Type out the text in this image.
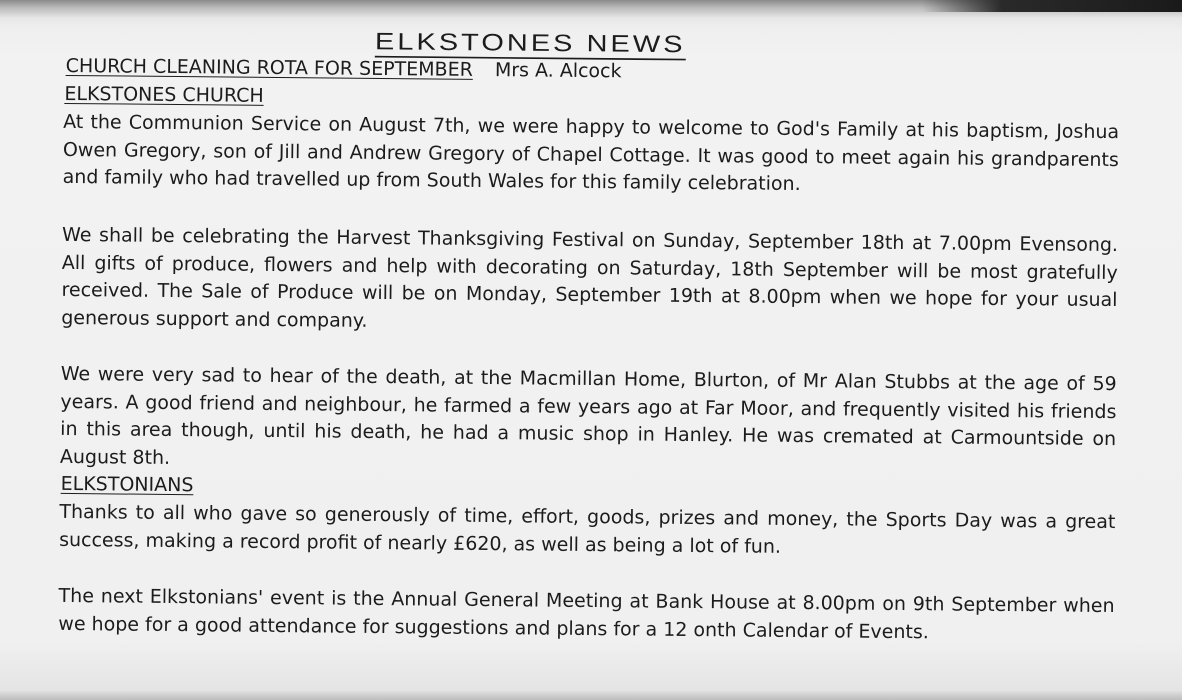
ELKSTONES NEWS
CHURCH CLEANING ROTA FOR SEPTEMBER Mrs A. Alcock
ELKSTONES CHURCH

At the Communion Service on August 7th, we were happy to welcome to God's Family at his baptism, Joshua Owen Gregory, son of Jill and Andrew Gregory of Chapel Cottage. It was good to meet again his grandparents and family who had travelled up from South Wales for this family celebration.

We shall be celebrating the Harvest Thanksgiving Festival on Sunday, September 18th at 7.00pm Evensong. All gifts of produce, flowers and help with decorating on Saturday, 18th September will be most gratefully received. The Sale of Produce will be on Monday, September 19th at 8.00pm when we hope for your usual generous support and company.

We were very sad to hear of the death, at the Macmillan Home, Blurton, of Mr Alan Stubbs at the age of 59 years. A good friend and neighbour, he farmed a few years ago at Far Moor, and frequently visited his friends in this area though, until his death, he had a music shop in Hanley. He was cremated at Carmountside on August 8th.

ELKSTONIANS

Thanks to all who gave so generously of time, effort, goods, prizes and money, the Sports Day was a great success, making a record profit of nearly £620, as well as being a lot of fun.

The next Elkstonians' event is the Annual General Meeting at Bank House at 8.00pm on 9th September when we hope for a good attendance for suggestions and plans for a 12 onth Calendar of Events.
